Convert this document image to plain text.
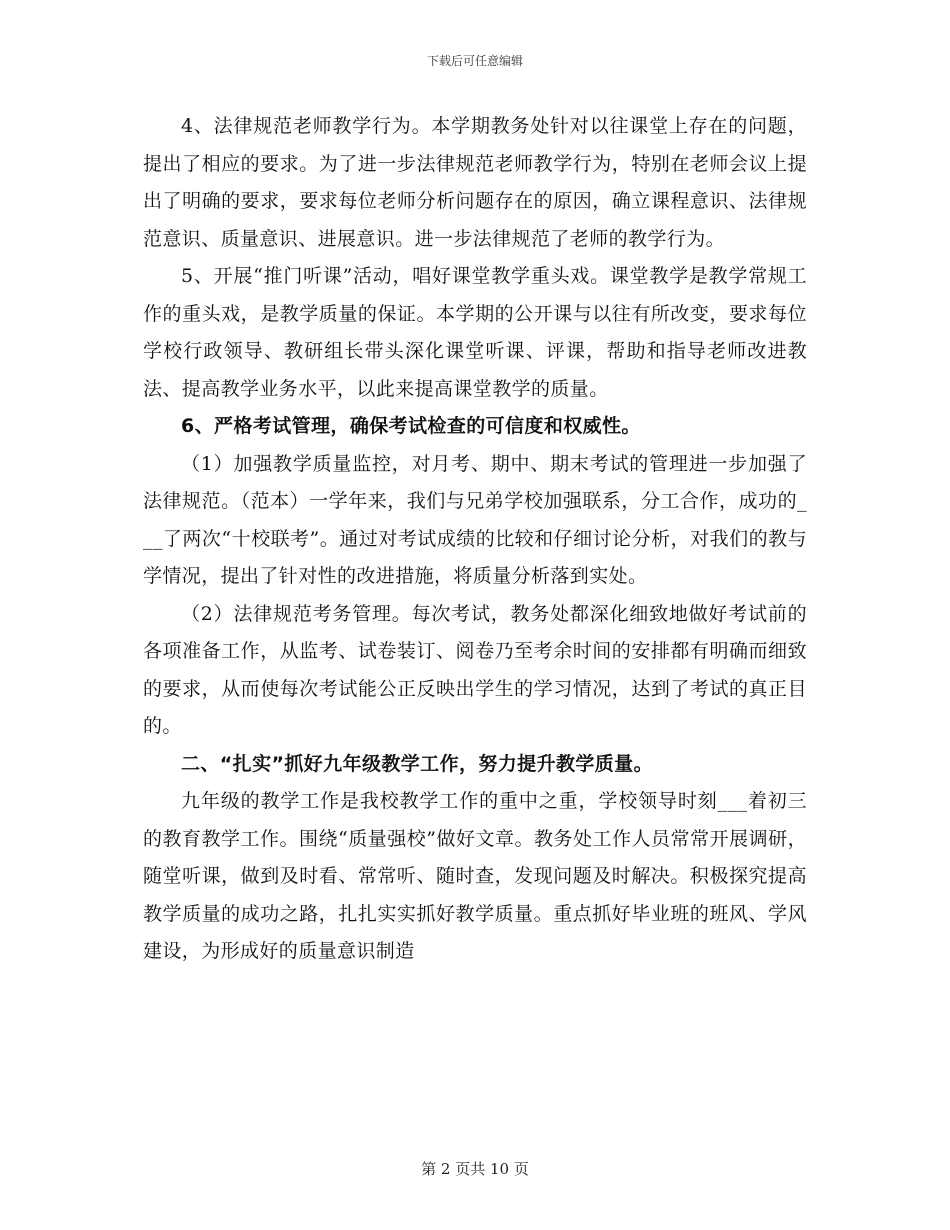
下载后可任意编辑

4、法律规范老师教学行为。本学期教务处针对以往课堂上存在的问题，提出了相应的要求。为了进一步法律规范老师教学行为，特别在老师会议上提出了明确的要求，要求每位老师分析问题存在的原因，确立课程意识、法律规范意识、质量意识、进展意识。进一步法律规范了老师的教学行为。

5、开展“推门听课”活动，唱好课堂教学重头戏。课堂教学是教学常规工作的重头戏，是教学质量的保证。本学期的公开课与以往有所改变，要求每位学校行政领导、教研组长带头深化课堂听课、评课，帮助和指导老师改进教法、提高教学业务水平，以此来提高课堂教学的质量。

6、严格考试管理，确保考试检查的可信度和权威性。

（1）加强教学质量监控，对月考、期中、期末考试的管理进一步加强了法律规范。（范本）一学年来，我们与兄弟学校加强联系，分工合作，成功的___了两次“十校联考”。通过对考试成绩的比较和仔细讨论分析，对我们的教与学情况，提出了针对性的改进措施，将质量分析落到实处。

（2）法律规范考务管理。每次考试，教务处都深化细致地做好考试前的各项准备工作，从监考、试卷装订、阅卷乃至考余时间的安排都有明确而细致的要求，从而使每次考试能公正反映出学生的学习情况，达到了考试的真正目的。

二、“扎实”抓好九年级教学工作，努力提升教学质量。

九年级的教学工作是我校教学工作的重中之重，学校领导时刻___着初三的教育教学工作。围绕“质量强校”做好文章。教务处工作人员常常开展调研，随堂听课，做到及时看、常常听、随时查，发现问题及时解决。积极探究提高教学质量的成功之路，扎扎实实抓好教学质量。重点抓好毕业班的班风、学风建设，为形成好的质量意识制造

第 2 页共 10 页
